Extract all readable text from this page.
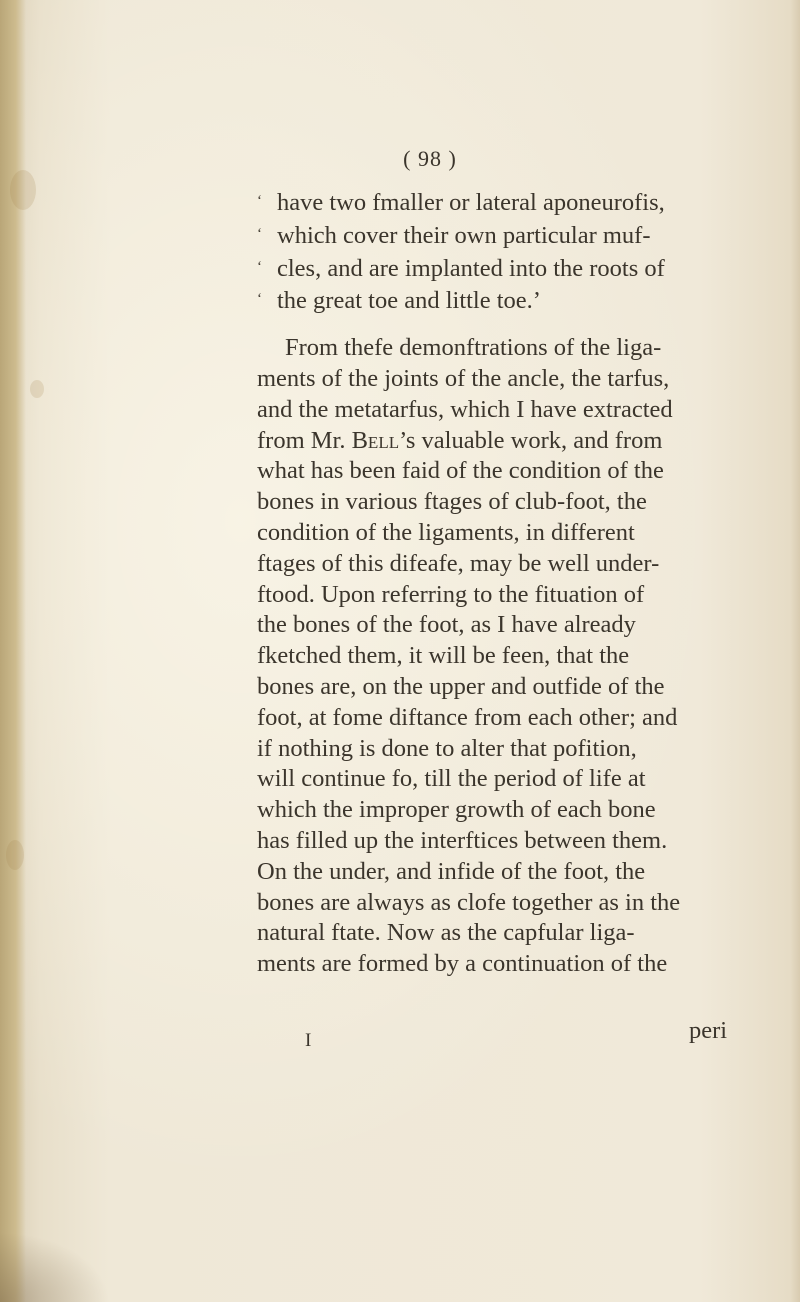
( 98 )
‘ have two fmaller or lateral aponeurofis,
‘ which cover their own particular muf-
‘ cles, and are implanted into the roots of
‘ the great toe and little toe.’
From thefe demonftrations of the liga-
ments of the joints of the ancle, the tarfus,
and the metatarfus, which I have extracted
from Mr. Bell’s valuable work, and from
what has been faid of the condition of the
bones in various ftages of club-foot, the
condition of the ligaments, in different
ftages of this difeafe, may be well under-
ftood. Upon referring to the fituation of
the bones of the foot, as I have already
fketched them, it will be feen, that the
bones are, on the upper and outfide of the
foot, at fome diftance from each other; and
if nothing is done to alter that pofition,
will continue fo, till the period of life at
which the improper growth of each bone
has filled up the interftices between them.
On the under, and infide of the foot, the
bones are always as clofe together as in the
natural ftate. Now as the capfular liga-
ments are formed by a continuation of the
I	peri
